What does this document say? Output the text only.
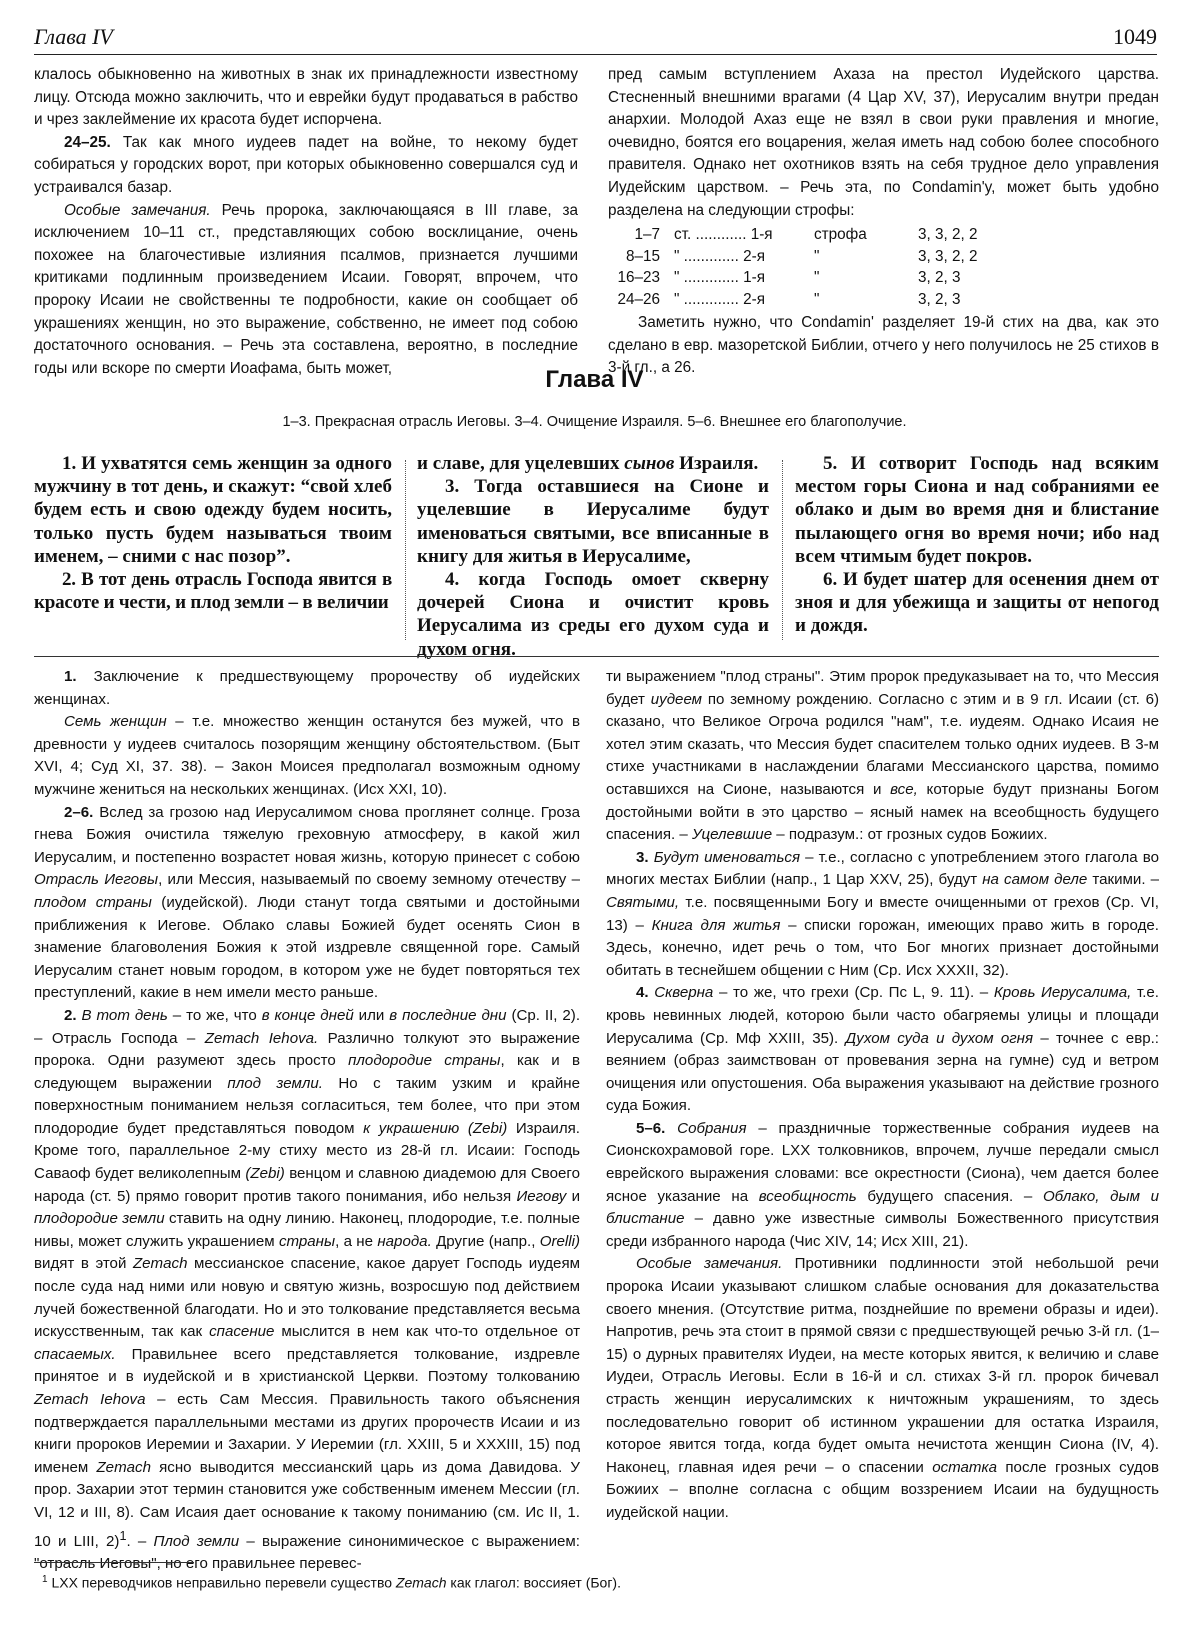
Глава IV	1049

клалось обыкновенно на животных в знак их принадлежности известному лицу. Отсюда можно заключить, что и еврейки будут продаваться в рабство и чрез заклеймение их красота будет испорчена.

24–25. Так как много иудеев падет на войне, то некому будет собираться у городских ворот, при которых обыкновенно совершался суд и устраивался базар.

Особые замечания. Речь пророка, заключающаяся в III главе, за исключением 10–11 ст., представляющих собою восклицание, очень похожее на благочестивые излияния псалмов, признается лучшими критиками подлинным произведением Исаии. Говорят, впрочем, что пророку Исаии не свойственны те подробности, какие он сообщает об украшениях женщин, но это выражение, собственно, не имеет под собою достаточного основания. – Речь эта составлена, вероятно, в последние годы или вскоре по смерти Иоафама, быть может,

пред самым вступлением Ахаза на престол Иудейского царства. Стесненный внешними врагами (4 Цар XV, 37), Иерусалим внутри предан анархии. Молодой Ахаз еще не взял в свои руки правления и многие, очевидно, боятся его воцарения, желая иметь над собою более способного правителя. Однако нет охотников взять на себя трудное дело управления Иудейским царством. – Речь эта, по Condamin'y, может быть удобно разделена на следующии строфы:

1–7	ст. ............ 1-я	строфа	3, 3, 2, 2
8–15	" ............. 2-я	"	3, 3, 2, 2
16–23	" ............. 1-я	"	3, 2, 3
24–26	" ............. 2-я	"	3, 2, 3

Заметить нужно, что Condamin' разделяет 19-й стих на два, как это сделано в евр. мазоретской Библии, отчего у него получилось не 25 стихов в 3-й гл., а 26.

Глава IV
1–3. Прекрасная отрасль Иеговы. 3–4. Очищение Израиля. 5–6. Внешнее его благополучие.

1. И ухватятся семь женщин за одного мужчину в тот день, и скажут: “свой хлеб будем есть и свою одежду будем носить, только пусть будем называться твоим именем, – сними с нас позор”.

2. В тот день отрасль Господа явится в красоте и чести, и плод земли – в величии

и славе, для уцелевших сынов Израиля.

3. Тогда оставшиеся на Сионе и уцелевшие в Иерусалиме будут именоваться святыми, все вписанные в книгу для житья в Иерусалиме,

4. когда Господь омоет скверну дочерей Сиона и очистит кровь Иерусалима из среды его духом суда и духом огня.

5. И сотворит Господь над всяким местом горы Сиона и над собраниями ее облако и дым во время дня и блистание пылающего огня во время ночи; ибо над всем чтимым будет покров.

6. И будет шатер для осенения днем от зноя и для убежища и защиты от непогод и дождя.

1. Заключение к предшествующему пророчеству об иудейских женщинах.

Семь женщин – т.е. множество женщин останутся без мужей, что в древности у иудеев считалось позорящим женщину обстоятельством. (Быт XVI, 4; Суд XI, 37. 38). – Закон Моисея предполагал возможным одному мужчине жениться на нескольких женщинах. (Исх XXI, 10).

2–6. Вслед за грозою над Иерусалимом снова проглянет солнце. Гроза гнева Божия очистила тяжелую греховную атмосферу, в какой жил Иерусалим, и постепенно возрастет новая жизнь, которую принесет с собою Отрасль Иеговы, или Мессия, называемый по своему земному отечеству – плодом страны (иудейской). Люди станут тогда святыми и достойными приближения к Иегове. Облако славы Божией будет осенять Сион в знамение благоволения Божия к этой издревле священной горе. Самый Иерусалим станет новым городом, в котором уже не будет повторяться тех преступлений, какие в нем имели место раньше.

2. В тот день – то же, что в конце дней или в последние дни (Ср. II, 2). – Отрасль Господа – Zemach Iehova. Различно толкуют это выражение пророка. Одни разумеют здесь просто плодородие страны, как и в следующем выражении плод земли. Но с таким узким и крайне поверхностным пониманием нельзя согласиться, тем более, что при этом плодородие будет представляться поводом к украшению (Zebi) Израиля. Кроме того, параллельное 2-му стиху место из 28-й гл. Исаии: Господь Саваоф будет великолепным (Zebi) венцом и славною диадемою для Своего народа (ст. 5) прямо говорит против такого понимания, ибо нельзя Иегову и плодородие земли ставить на одну линию. Наконец, плодородие, т.е. полные нивы, может служить украшением страны, а не народа. Другие (напр., Orelli) видят в этой Zemach мессианское спасение, какое дарует Господь иудеям после суда над ними или новую и святую жизнь, возросшую под действием лучей божественной благодати. Но и это толкование представляется весьма искусственным, так как спасение мыслится в нем как что-то отдельное от спасаемых. Правильнее всего представляется толкование, издревле принятое и в иудейской и в христианской Церкви. Поэтому толкованию Zemach Iehova – есть Сам Мессия. Правильность такого объяснения подтверждается параллельными местами из других пророчеств Исаии и из книги пророков Иеремии и Захарии. У Иеремии (гл. XXIII, 5 и XXXIII, 15) под именем Zemach ясно выводится мессианский царь из дома Давидова. У прор. Захарии этот термин становится уже собственным именем Мессии (гл. VI, 12 и III, 8). Сам Исаия дает основание к такому пониманию (см. Ис II, 1. 10 и LIII, 2)$^1$. – Плод земли – выражение синонимическое с выражением: "отрасль Иеговы", но его правильнее перевес-

ти выражением "плод страны". Этим пророк предуказывает на то, что Мессия будет иудеем по земному рождению. Согласно с этим и в 9 гл. Исаии (ст. 6) сказано, что Великое Огроча родился "нам", т.е. иудеям. Однако Исаия не хотел этим сказать, что Мессия будет спасителем только одних иудеев. В 3-м стихе участниками в наслаждении благами Мессианского царства, помимо оставшихся на Сионе, называются и все, которые будут признаны Богом достойными войти в это царство – ясный намек на всеобщность будущего спасения. – Уцелевшие – подразум.: от грозных судов Божиих.

3. Будут именоваться – т.е., согласно с употреблением этого глагола во многих местах Библии (напр., 1 Цар XXV, 25), будут на самом деле такими. – Святыми, т.е. посвященными Богу и вместе очищенными от грехов (Ср. VI, 13) – Книга для житья – списки горожан, имеющих право жить в городе. Здесь, конечно, идет речь о том, что Бог многих признает достойными обитать в теснейшем общении с Ним (Ср. Исх XXXII, 32).

4. Скверна – то же, что грехи (Ср. Пс L, 9. 11). – Кровь Иерусалима, т.е. кровь невинных людей, которою были часто обагряемы улицы и площади Иерусалима (Ср. Мф XXIII, 35). Духом суда и духом огня – точнее с евр.: веянием (образ заимствован от провевания зерна на гумне) суд и ветром очищения или опустошения. Оба выражения указывают на действие грозного суда Божия.

5–6. Собрания – праздничные торжественные собрания иудеев на Сионскохрамовой горе. LXX толковников, впрочем, лучше передали смысл еврейского выражения словами: все окрестности (Сиона), чем дается более ясное указание на всеобщность будущего спасения. – Облако, дым и блистание – давно уже известные символы Божественного присутствия среди избранного народа (Чис XIV, 14; Исх XIII, 21).

Особые замечания. Противники подлинности этой небольшой речи пророка Исаии указывают слишком слабые основания для доказательства своего мнения. (Отсутствие ритма, позднейшие по времени образы и идеи). Напротив, речь эта стоит в прямой связи с предшествующей речью 3-й гл. (1–15) о дурных правителях Иудеи, на месте которых явится, к величию и славе Иудеи, Отрасль Иеговы. Если в 16-й и сл. стихах 3-й гл. пророк бичевал страсть женщин иерусалимских к ничтожным украшениям, то здесь последовательно говорит об истинном украшении для остатка Израиля, которое явится тогда, когда будет омыта нечистота женщин Сиона (IV, 4). Наконец, главная идея речи – о спасении остатка после грозных судов Божиих – вполне согласна с общим воззрением Исаии на будущность иудейской нации.

$^1$ LXX переводчиков неправильно перевели существо Zemach как глагол: воссияет (Бог).
